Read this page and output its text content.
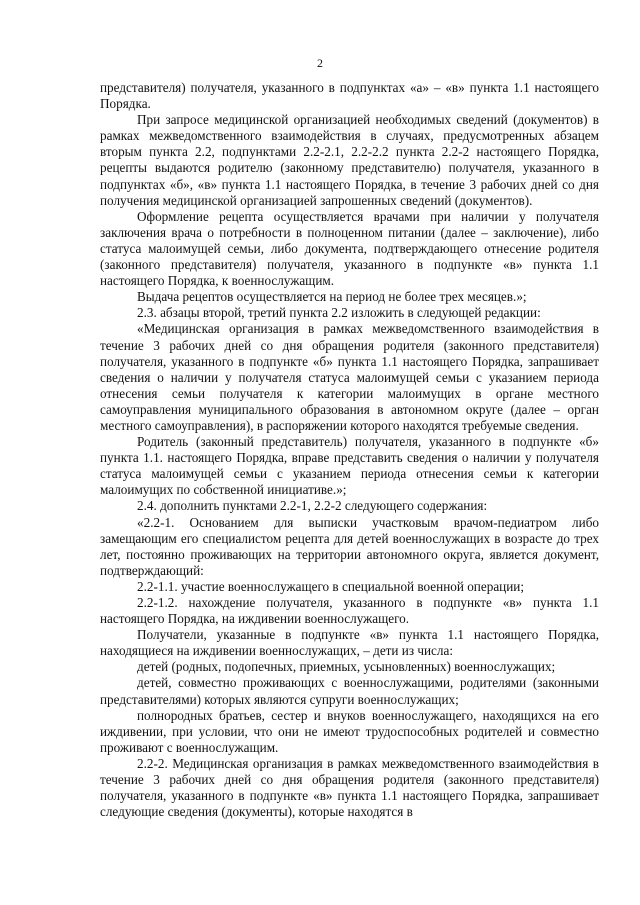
2

представителя) получателя, указанного в подпунктах «а» – «в» пункта 1.1 настоящего Порядка.

При запросе медицинской организацией необходимых сведений (документов) в рамках межведомственного взаимодействия в случаях, предусмотренных абзацем вторым пункта 2.2, подпунктами 2.2-2.1, 2.2-2.2 пункта 2.2-2 настоящего Порядка, рецепты выдаются родителю (законному представителю) получателя, указанного в подпунктах «б», «в» пункта 1.1 настоящего Порядка, в течение 3 рабочих дней со дня получения медицинской организацией запрошенных сведений (документов).

Оформление рецепта осуществляется врачами при наличии у получателя заключения врача о потребности в полноценном питании (далее – заключение), либо статуса малоимущей семьи, либо документа, подтверждающего отнесение родителя (законного представителя) получателя, указанного в подпункте «в» пункта 1.1 настоящего Порядка, к военнослужащим.

Выдача рецептов осуществляется на период не более трех месяцев.»;

2.3. абзацы второй, третий пункта 2.2 изложить в следующей редакции:

«Медицинская организация в рамках межведомственного взаимодействия в течение 3 рабочих дней со дня обращения родителя (законного представителя) получателя, указанного в подпункте «б» пункта 1.1 настоящего Порядка, запрашивает сведения о наличии у получателя статуса малоимущей семьи с указанием периода отнесения семьи получателя к категории малоимущих в органе местного самоуправления муниципального образования в автономном округе (далее – орган местного самоуправления), в распоряжении которого находятся требуемые сведения.

Родитель (законный представитель) получателя, указанного в подпункте «б» пункта 1.1. настоящего Порядка, вправе представить сведения о наличии у получателя статуса малоимущей семьи с указанием периода отнесения семьи к категории малоимущих по собственной инициативе.»;

2.4. дополнить пунктами 2.2-1, 2.2-2 следующего содержания:

«2.2-1. Основанием для выписки участковым врачом-педиатром либо замещающим его специалистом рецепта для детей военнослужащих в возрасте до трех лет, постоянно проживающих на территории автономного округа, является документ, подтверждающий:

2.2-1.1. участие военнослужащего в специальной военной операции;

2.2-1.2. нахождение получателя, указанного в подпункте «в» пункта 1.1 настоящего Порядка, на иждивении военнослужащего.

Получатели, указанные в подпункте «в» пункта 1.1 настоящего Порядка, находящиеся на иждивении военнослужащих, – дети из числа:

детей (родных, подопечных, приемных, усыновленных) военнослужащих;

детей, совместно проживающих с военнослужащими, родителями (законными представителями) которых являются супруги военнослужащих;

полнородных братьев, сестер и внуков военнослужащего, находящихся на его иждивении, при условии, что они не имеют трудоспособных родителей и совместно проживают с военнослужащим.

2.2-2. Медицинская организация в рамках межведомственного взаимодействия в течение 3 рабочих дней со дня обращения родителя (законного представителя) получателя, указанного в подпункте «в» пункта 1.1 настоящего Порядка, запрашивает следующие сведения (документы), которые находятся в
